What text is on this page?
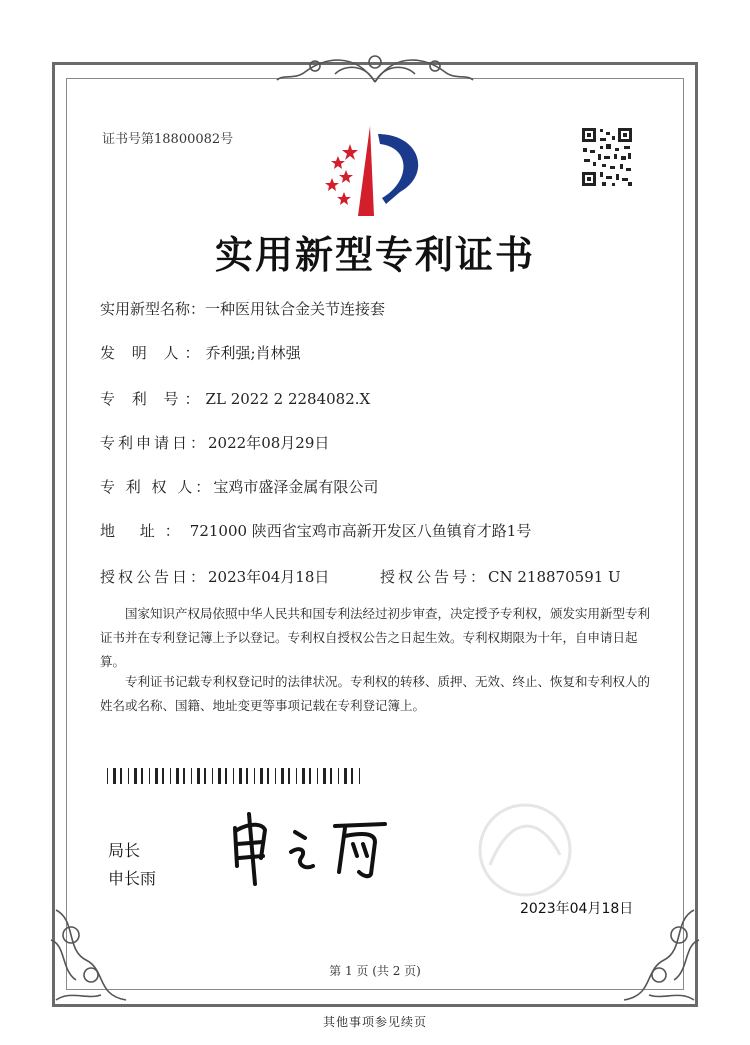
证书号第18800082号
实用新型专利证书
实用新型名称：一种医用钛合金关节连接套
发 明 人：乔利强;肖林强
专 利 号：ZL 2022 2 2284082.X
专利申请日：2022年08月29日
专 利 权 人：宝鸡市盛泽金属有限公司
地 址：721000 陕西省宝鸡市高新开发区八鱼镇育才路1号
授权公告日：2023年04月18日	授权公告号：CN 218870591 U
国家知识产权局依照中华人民共和国专利法经过初步审查，决定授予专利权，颁发实用新型专利证书并在专利登记簿上予以登记。专利权自授权公告之日起生效。专利权期限为十年，自申请日起算。
专利证书记载专利权登记时的法律状况。专利权的转移、质押、无效、终止、恢复和专利权人的姓名或名称、国籍、地址变更等事项记载在专利登记簿上。
局长
申长雨
2023年04月18日
第 1 页 (共 2 页)
其他事项参见续页
